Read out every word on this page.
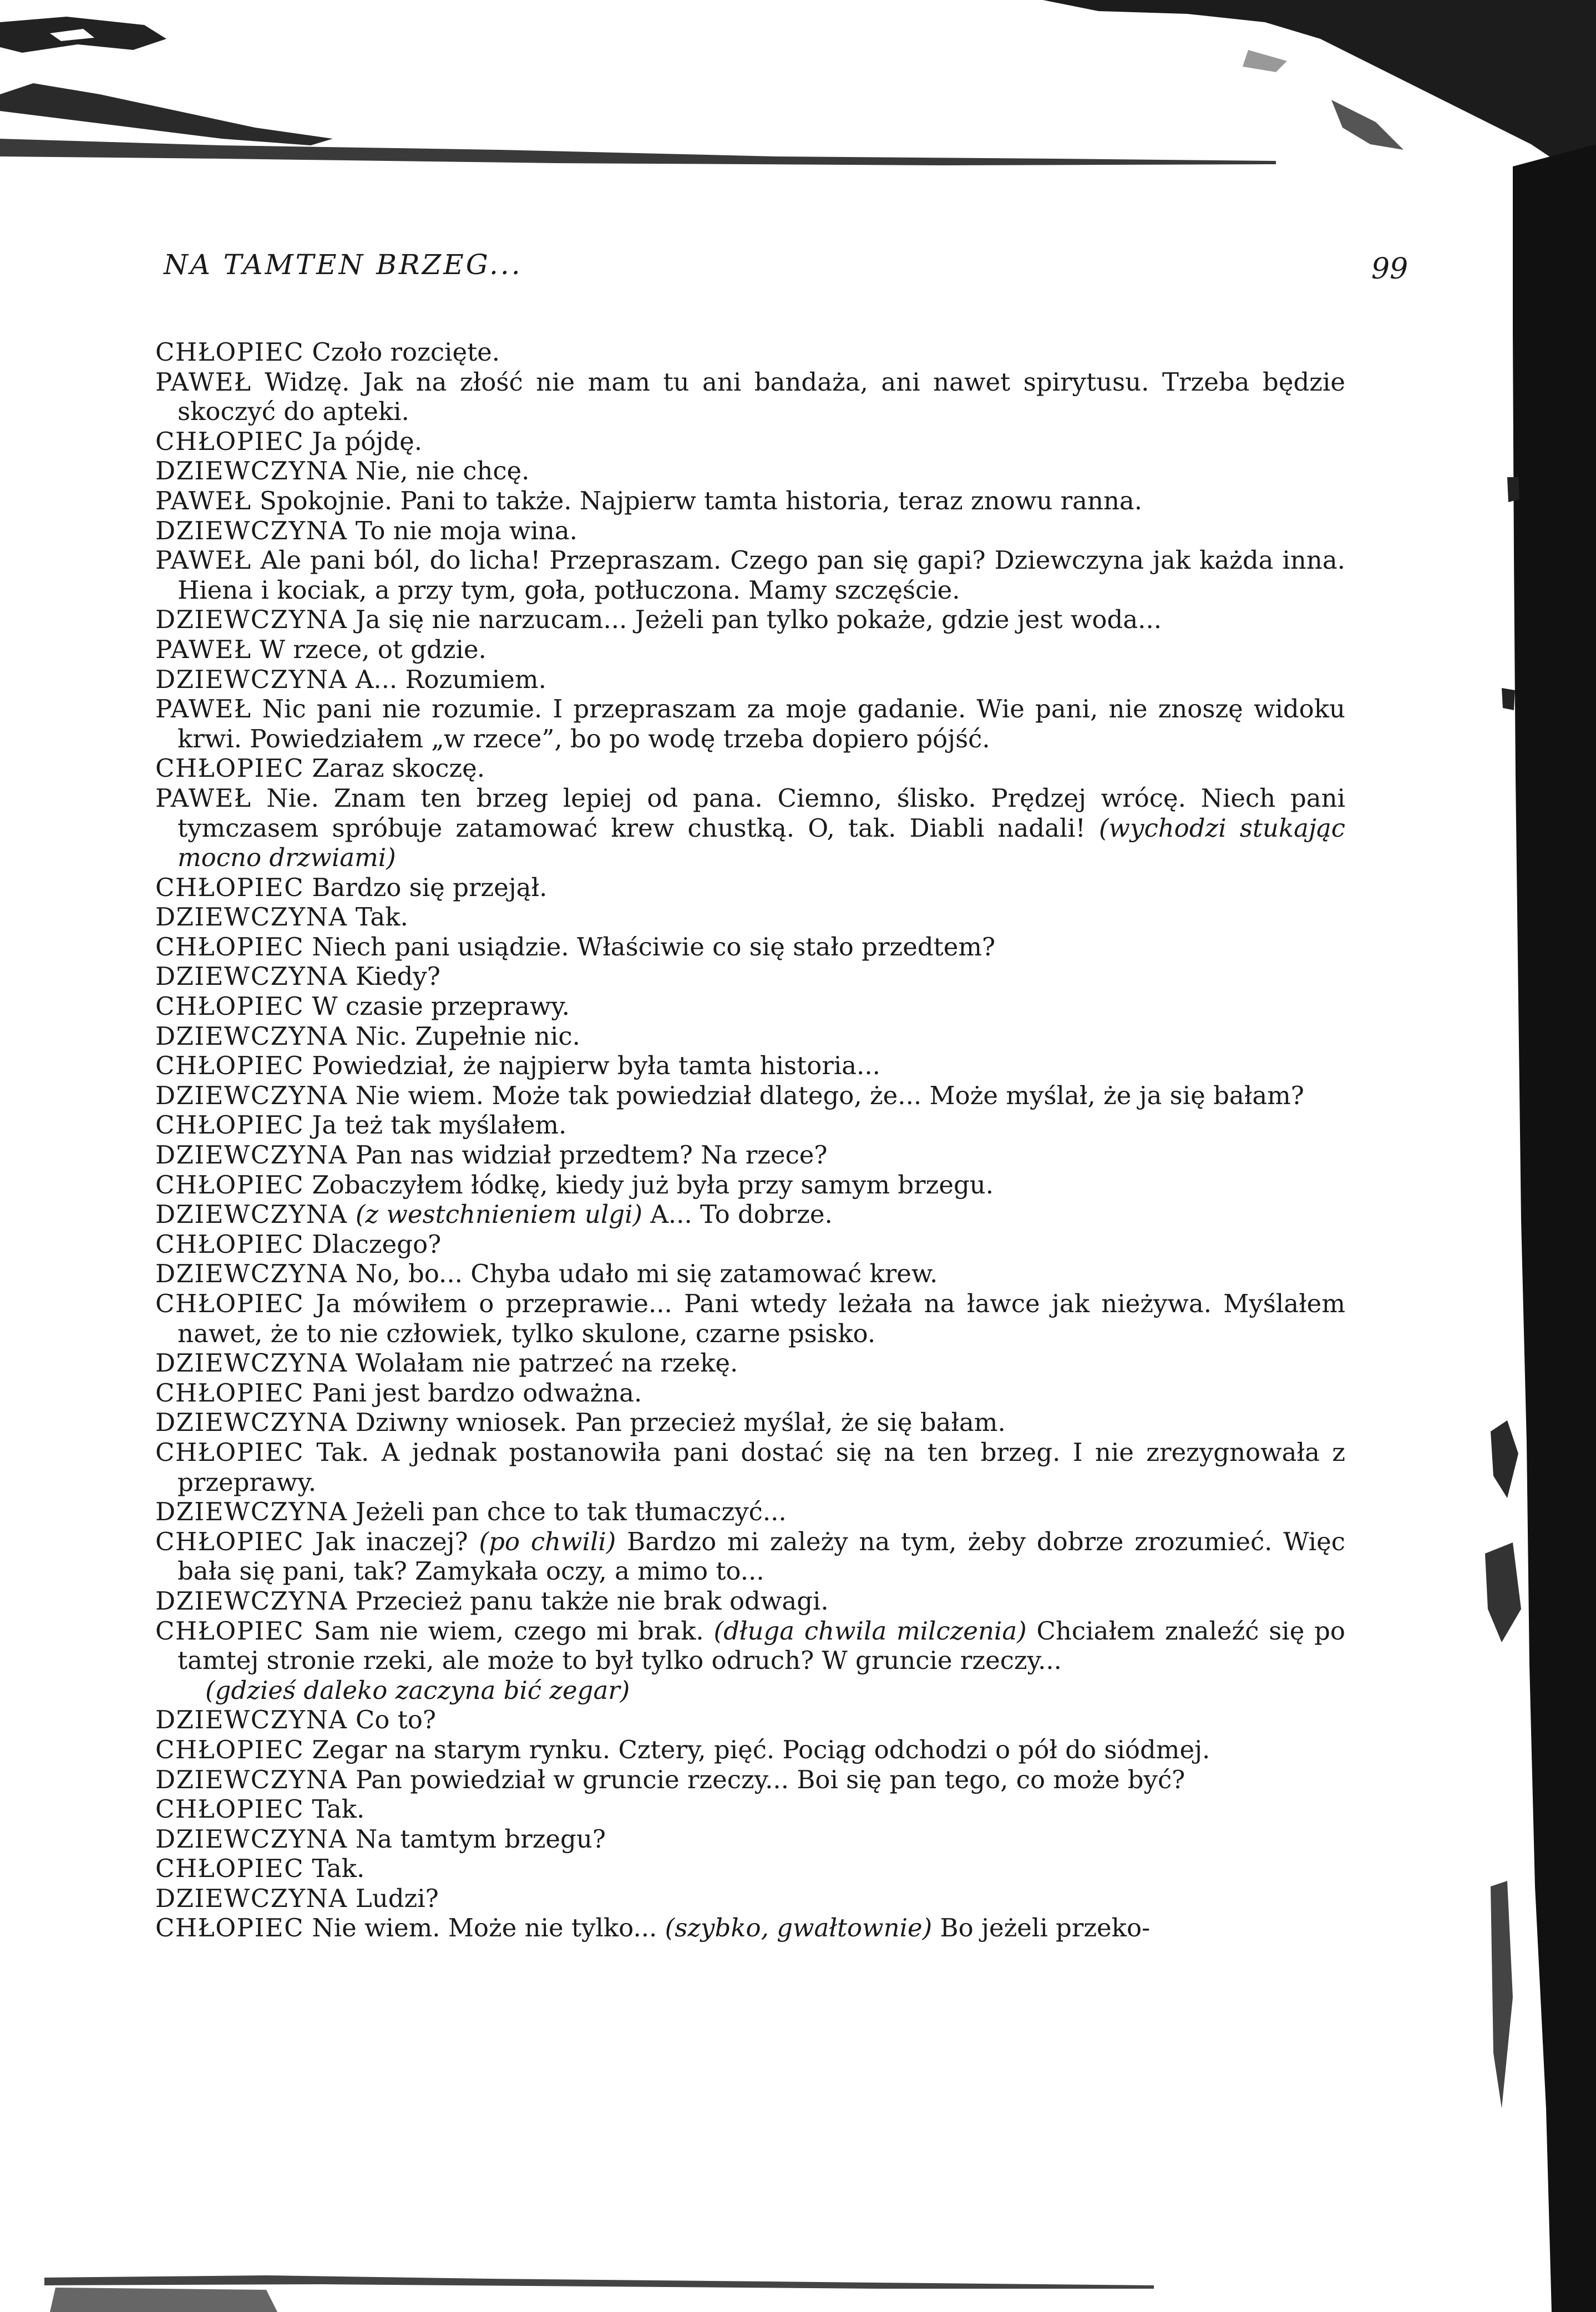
NA TAMTEN BRZEG...	99

CHŁOPIEC Czoło rozcięte.

PAWEŁ Widzę. Jak na złość nie mam tu ani bandaża, ani nawet spirytusu. Trzeba będzie skoczyć do apteki.

CHŁOPIEC Ja pójdę.

DZIEWCZYNA Nie, nie chcę.

PAWEŁ Spokojnie. Pani to także. Najpierw tamta historia, teraz znowu ranna.

DZIEWCZYNA To nie moja wina.

PAWEŁ Ale pani ból, do licha! Przepraszam. Czego pan się gapi? Dziewczyna jak każda inna. Hiena i kociak, a przy tym, goła, potłuczona. Mamy szczęście.

DZIEWCZYNA Ja się nie narzucam... Jeżeli pan tylko pokaże, gdzie jest woda...

PAWEŁ W rzece, ot gdzie.

DZIEWCZYNA A... Rozumiem.

PAWEŁ Nic pani nie rozumie. I przepraszam za moje gadanie. Wie pani, nie znoszę widoku krwi. Powiedziałem „w rzece”, bo po wodę trzeba dopiero pójść.

CHŁOPIEC Zaraz skoczę.

PAWEŁ Nie. Znam ten brzeg lepiej od pana. Ciemno, ślisko. Prędzej wrócę. Niech pani tymczasem spróbuje zatamować krew chustką. O, tak. Diabli nadali! (wychodzi stukając mocno drzwiami)

CHŁOPIEC Bardzo się przejął.

DZIEWCZYNA Tak.

CHŁOPIEC Niech pani usiądzie. Właściwie co się stało przedtem?

DZIEWCZYNA Kiedy?

CHŁOPIEC W czasie przeprawy.

DZIEWCZYNA Nic. Zupełnie nic.

CHŁOPIEC Powiedział, że najpierw była tamta historia...

DZIEWCZYNA Nie wiem. Może tak powiedział dlatego, że... Może myślał, że ja się bałam?

CHŁOPIEC Ja też tak myślałem.

DZIEWCZYNA Pan nas widział przedtem? Na rzece?

CHŁOPIEC Zobaczyłem łódkę, kiedy już była przy samym brzegu.

DZIEWCZYNA (z westchnieniem ulgi) A... To dobrze.

CHŁOPIEC Dlaczego?

DZIEWCZYNA No, bo... Chyba udało mi się zatamować krew.

CHŁOPIEC Ja mówiłem o przeprawie... Pani wtedy leżała na ławce jak nieżywa. Myślałem nawet, że to nie człowiek, tylko skulone, czarne psisko.

DZIEWCZYNA Wolałam nie patrzeć na rzekę.

CHŁOPIEC Pani jest bardzo odważna.

DZIEWCZYNA Dziwny wniosek. Pan przecież myślał, że się bałam.

CHŁOPIEC Tak. A jednak postanowiła pani dostać się na ten brzeg. I nie zrezygnowała z przeprawy.

DZIEWCZYNA Jeżeli pan chce to tak tłumaczyć...

CHŁOPIEC Jak inaczej? (po chwili) Bardzo mi zależy na tym, żeby dobrze zrozumieć. Więc bała się pani, tak? Zamykała oczy, a mimo to...

DZIEWCZYNA Przecież panu także nie brak odwagi.

CHŁOPIEC Sam nie wiem, czego mi brak. (długa chwila milczenia) Chciałem znaleźć się po tamtej stronie rzeki, ale może to był tylko odruch? W gruncie rzeczy...

(gdzieś daleko zaczyna bić zegar)

DZIEWCZYNA Co to?

CHŁOPIEC Zegar na starym rynku. Cztery, pięć. Pociąg odchodzi o pół do siódmej.

DZIEWCZYNA Pan powiedział w gruncie rzeczy... Boi się pan tego, co może być?

CHŁOPIEC Tak.

DZIEWCZYNA Na tamtym brzegu?

CHŁOPIEC Tak.

DZIEWCZYNA Ludzi?

CHŁOPIEC Nie wiem. Może nie tylko... (szybko, gwałtownie) Bo jeżeli przeko-
